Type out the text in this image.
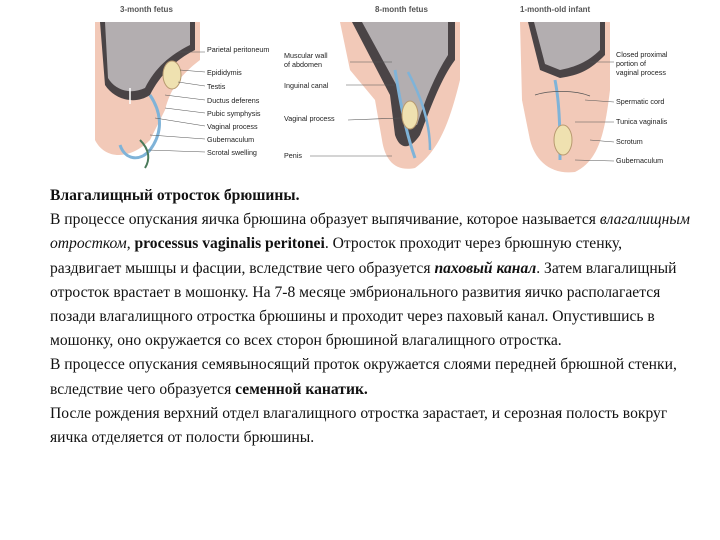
3-month fetus
Parietal peritoneum
Epididymis
Testis
Ductus deferens
Pubic symphysis
Vaginal process
Gubernaculum
Scrotal swelling
8-month fetus
Muscular wall
of abdomen
Inguinal canal
Vaginal process
Penis
1-month-old infant
Closed proximal
portion of
vaginal process
Spermatic cord
Tunica vaginalis
Scrotum
Gubernaculum

Влагалищный отросток брюшины.

В процессе опускания яичка брюшина образует выпячивание, которое называется влагалищным отростком, processus vaginalis peritonei. Отросток проходит через брюшную стенку, раздвигает мышцы и фасции, вследствие чего образуется паховый канал. Затем влагалищный отросток врастает в мошонку. На 7-8 месяце эмбрионального развития яичко располагается позади влагалищного отростка брюшины и проходит через паховый канал. Опустившись в мошонку, оно окружается со всех сторон брюшиной влагалищного отростка.

В процессе опускания семявыносящий проток окружается слоями передней брюшной стенки, вследствие чего образуется семенной канатик.

После рождения верхний отдел влагалищного отростка зарастает, и серозная полость вокруг яичка отделяется от полости брюшины.
